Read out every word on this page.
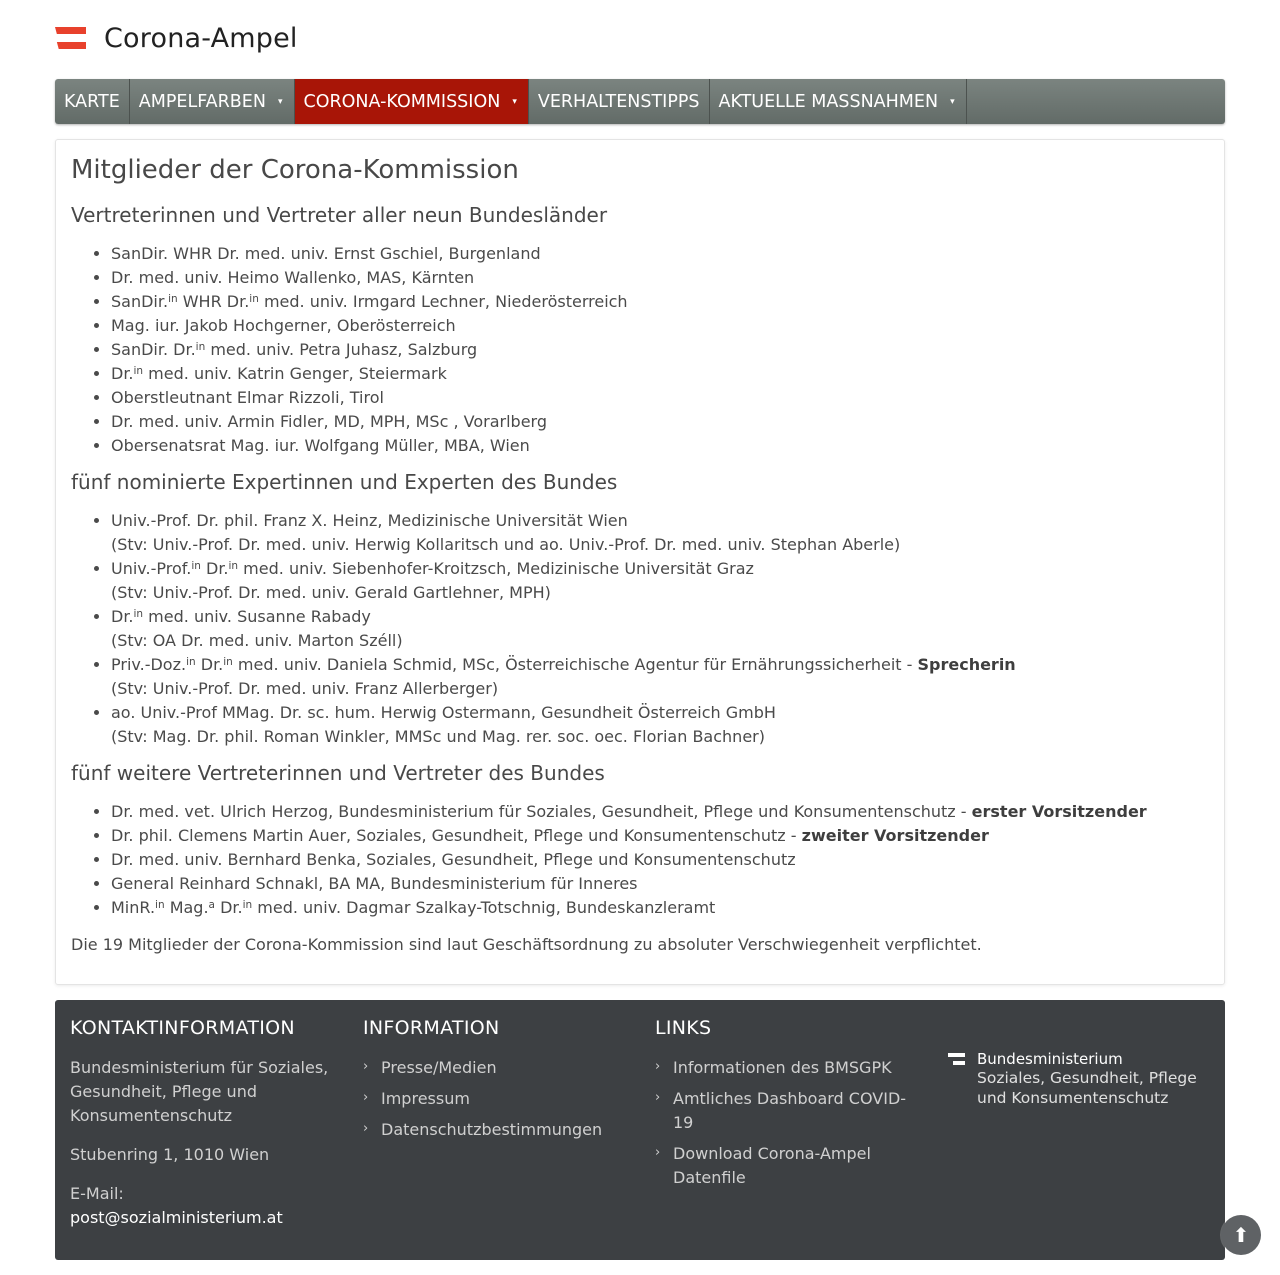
Corona-Ampel
KARTE AMPELFARBEN ▾ CORONA-KOMMISSION ▾ VERHALTENSTIPPS AKTUELLE MASSNAHMEN ▾
Mitglieder der Corona-Kommission
Vertreterinnen und Vertreter aller neun Bundesländer
• SanDir. WHR Dr. med. univ. Ernst Gschiel, Burgenland
• Dr. med. univ. Heimo Wallenko, MAS, Kärnten
• SanDir.$^{in}$ WHR Dr.$^{in}$ med. univ. Irmgard Lechner, Niederösterreich
• Mag. iur. Jakob Hochgerner, Oberösterreich
• SanDir. Dr.$^{in}$ med. univ. Petra Juhasz, Salzburg
• Dr.$^{in}$ med. univ. Katrin Genger, Steiermark
• Oberstleutnant Elmar Rizzoli, Tirol
• Dr. med. univ. Armin Fidler, MD, MPH, MSc , Vorarlberg
• Obersenatsrat Mag. iur. Wolfgang Müller, MBA, Wien
fünf nominierte Expertinnen und Experten des Bundes
• Univ.-Prof. Dr. phil. Franz X. Heinz, Medizinische Universität Wien
(Stv: Univ.-Prof. Dr. med. univ. Herwig Kollaritsch und ao. Univ.-Prof. Dr. med. univ. Stephan Aberle)
• Univ.-Prof.$^{in}$ Dr.$^{in}$ med. univ. Siebenhofer-Kroitzsch, Medizinische Universität Graz
(Stv: Univ.-Prof. Dr. med. univ. Gerald Gartlehner, MPH)
• Dr.$^{in}$ med. univ. Susanne Rabady
(Stv: OA Dr. med. univ. Marton Széll)
• Priv.-Doz.$^{in}$ Dr.$^{in}$ med. univ. Daniela Schmid, MSc, Österreichische Agentur für Ernährungssicherheit - Sprecherin
(Stv: Univ.-Prof. Dr. med. univ. Franz Allerberger)
• ao. Univ.-Prof MMag. Dr. sc. hum. Herwig Ostermann, Gesundheit Österreich GmbH
(Stv: Mag. Dr. phil. Roman Winkler, MMSc und Mag. rer. soc. oec. Florian Bachner)
fünf weitere Vertreterinnen und Vertreter des Bundes
• Dr. med. vet. Ulrich Herzog, Bundesministerium für Soziales, Gesundheit, Pflege und Konsumentenschutz - erster Vorsitzender
• Dr. phil. Clemens Martin Auer, Soziales, Gesundheit, Pflege und Konsumentenschutz - zweiter Vorsitzender
• Dr. med. univ. Bernhard Benka, Soziales, Gesundheit, Pflege und Konsumentenschutz
• General Reinhard Schnakl, BA MA, Bundesministerium für Inneres
• MinR.$^{in}$ Mag.$^a$ Dr.$^{in}$ med. univ. Dagmar Szalkay-Totschnig, Bundeskanzleramt
Die 19 Mitglieder der Corona-Kommission sind laut Geschäftsordnung zu absoluter Verschwiegenheit verpflichtet.
KONTAKTINFORMATION

Bundesministerium für Soziales, Gesundheit, Pflege und Konsumentenschutz

Stubenring 1, 1010 Wien

E-Mail:
post@sozialministerium.at

INFORMATION
› Presse/Medien
› Impressum
› Datenschutzbestimmungen
LINKS
› Informationen des BMSGPK
› Amtliches Dashboard COVID-19
› Download Corona-Ampel Datenfile
Bundesministerium
Soziales, Gesundheit, Pflege und Konsumentenschutz
⬆
